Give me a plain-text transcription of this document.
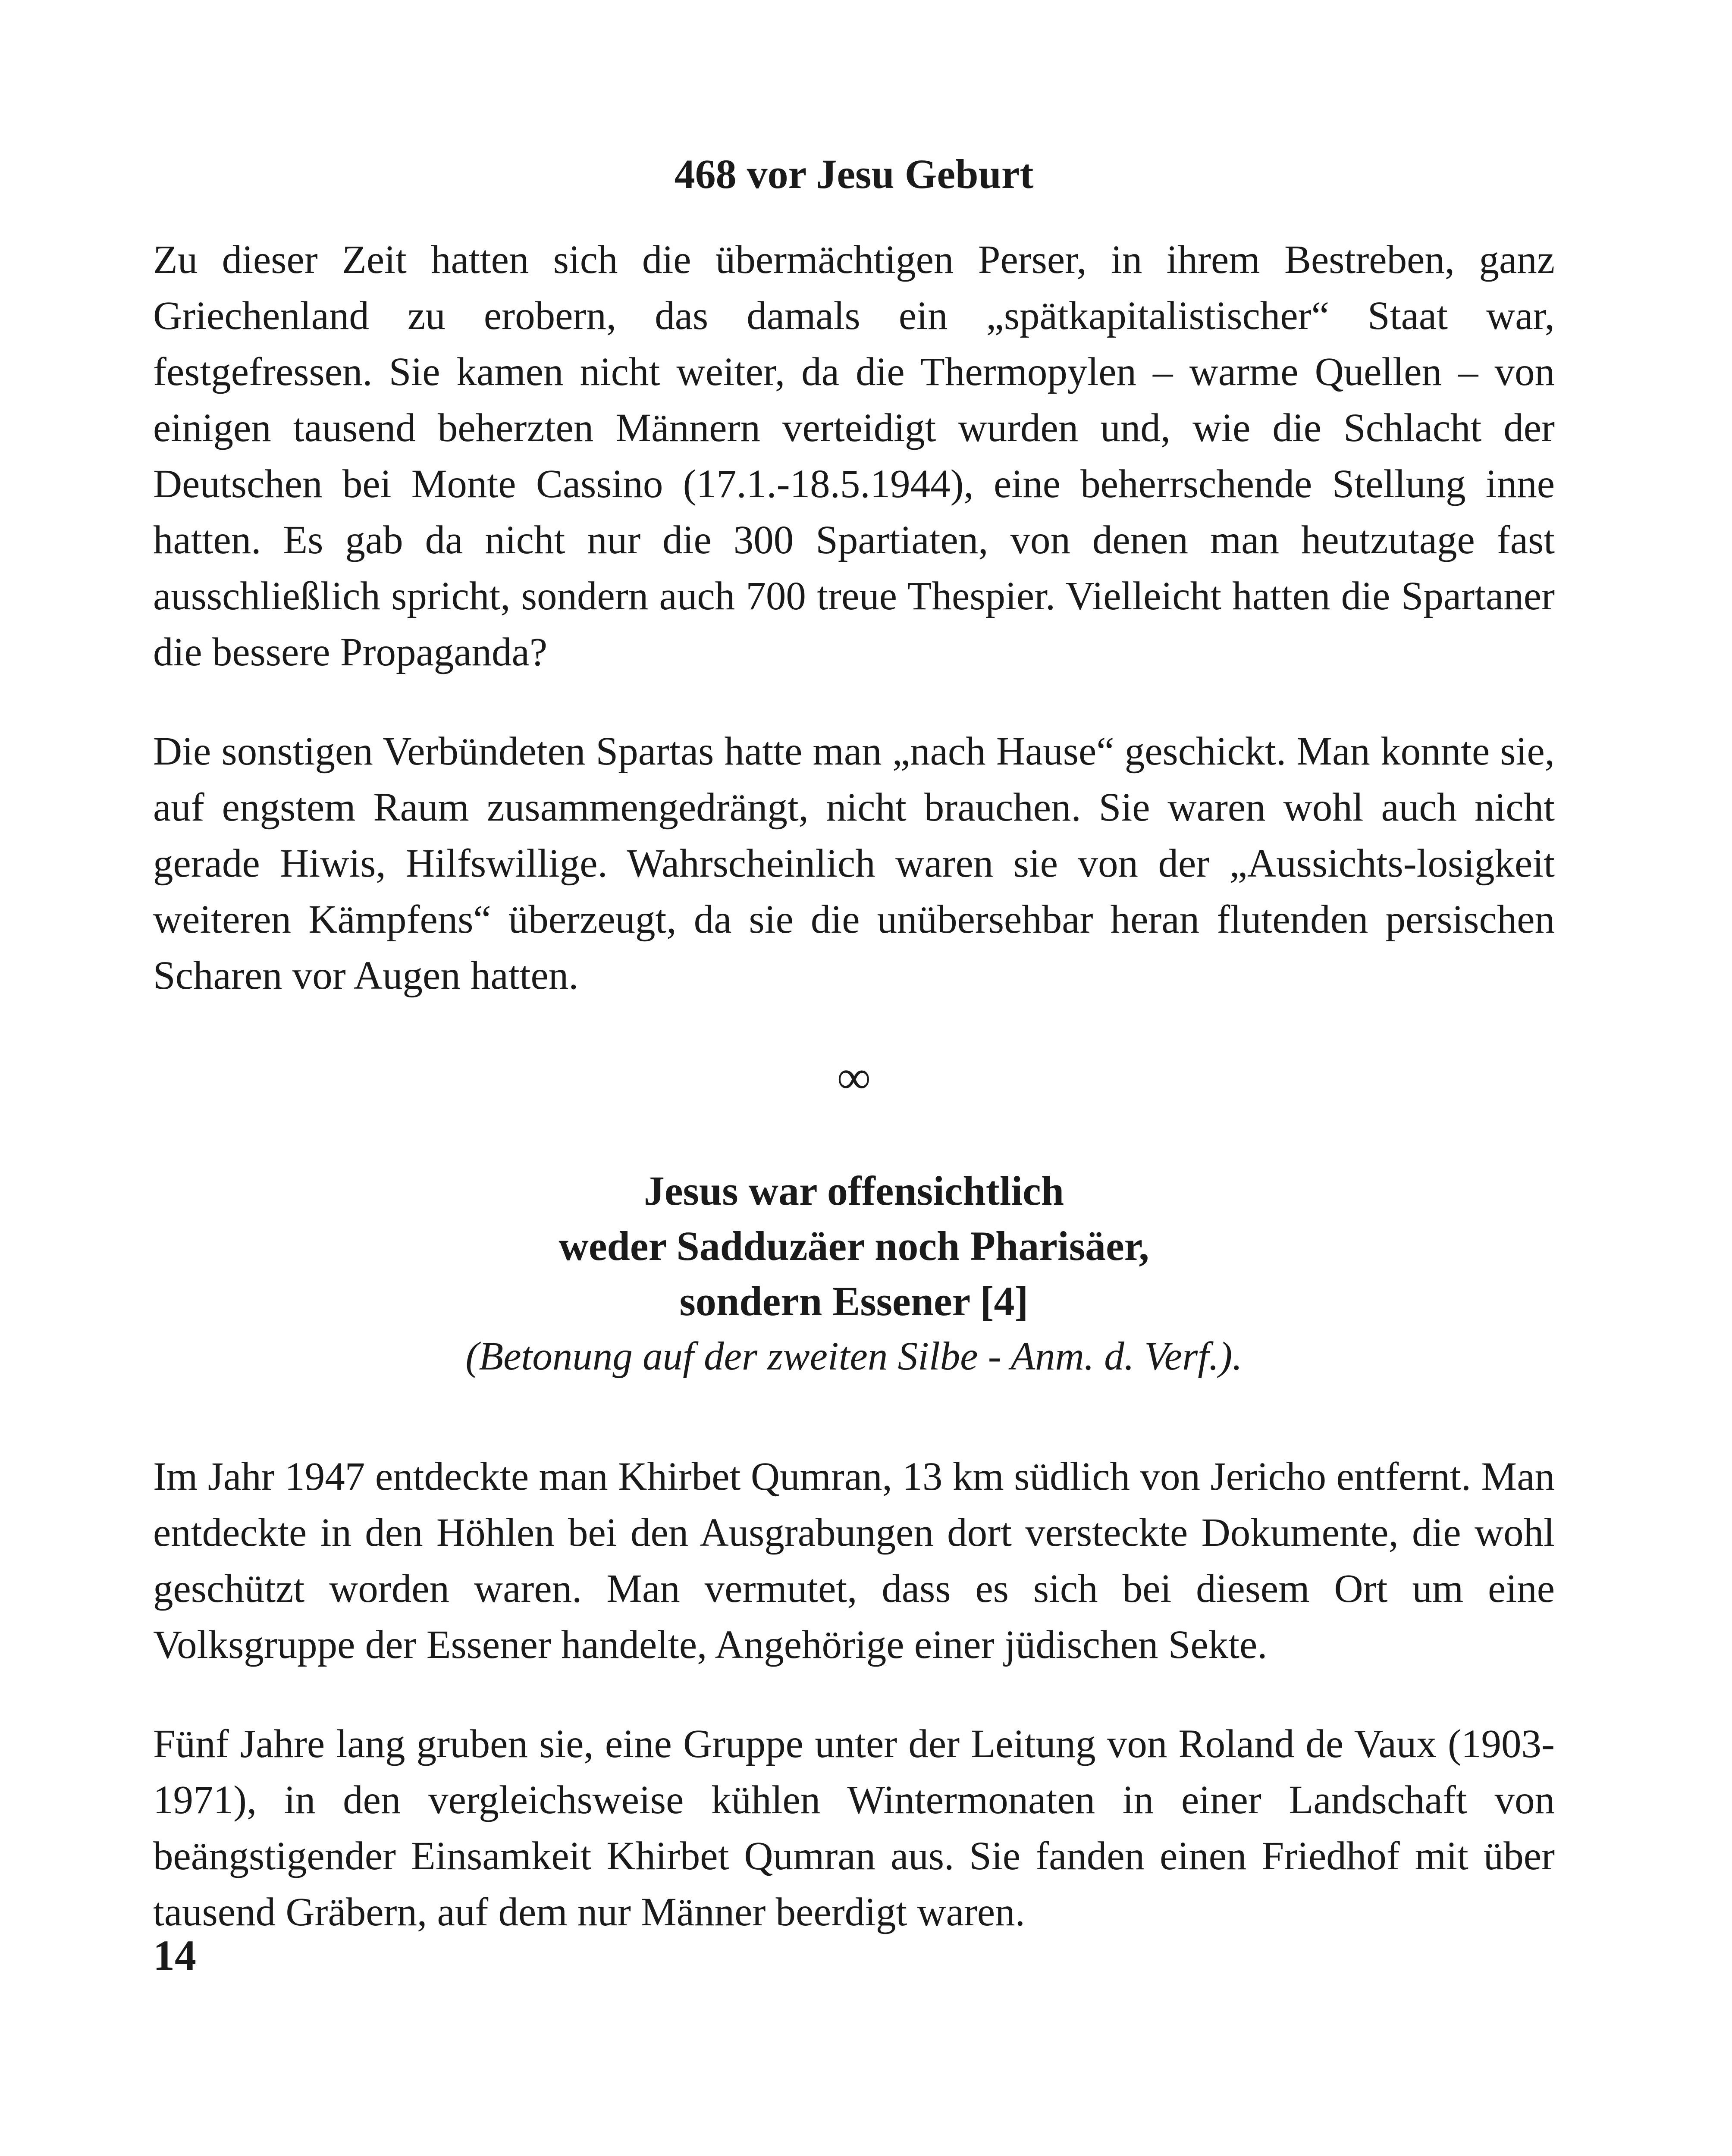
468 vor Jesu Geburt

Zu dieser Zeit hatten sich die übermächtigen Perser, in ihrem Bestreben, ganz Griechenland zu erobern, das damals ein „spätkapitalistischer“ Staat war, festgefressen. Sie kamen nicht weiter, da die Thermopylen – warme Quellen – von einigen tausend beherzten Männern verteidigt wurden und, wie die Schlacht der Deutschen bei Monte Cassino (17.1.-18.5.1944), eine beherrschende Stellung inne hatten. Es gab da nicht nur die 300 Spartiaten, von denen man heutzutage fast ausschließlich spricht, sondern auch 700 treue Thespier. Vielleicht hatten die Spartaner die bessere Propaganda?

Die sonstigen Verbündeten Spartas hatte man „nach Hause“ geschickt. Man konnte sie, auf engstem Raum zusammengedrängt, nicht brauchen. Sie waren wohl auch nicht gerade Hiwis, Hilfswillige. Wahrscheinlich waren sie von der „Aussichts-losigkeit weiteren Kämpfens“ überzeugt, da sie die unübersehbar heran flutenden persischen Scharen vor Augen hatten.

∞
Jesus war offensichtlich
weder Sadduzäer noch Pharisäer,
sondern Essener [4]
(Betonung auf der zweiten Silbe - Anm. d. Verf.).

Im Jahr 1947 entdeckte man Khirbet Qumran, 13 km südlich von Jericho entfernt. Man entdeckte in den Höhlen bei den Ausgrabungen dort versteckte Dokumente, die wohl geschützt worden waren. Man vermutet, dass es sich bei diesem Ort um eine Volksgruppe der Essener handelte, Angehörige einer jüdischen Sekte.

Fünf Jahre lang gruben sie, eine Gruppe unter der Leitung von Roland de Vaux (1903-1971), in den vergleichsweise kühlen Wintermonaten in einer Landschaft von beängstigender Einsamkeit Khirbet Qumran aus. Sie fanden einen Friedhof mit über tausend Gräbern, auf dem nur Männer beerdigt waren.

14
